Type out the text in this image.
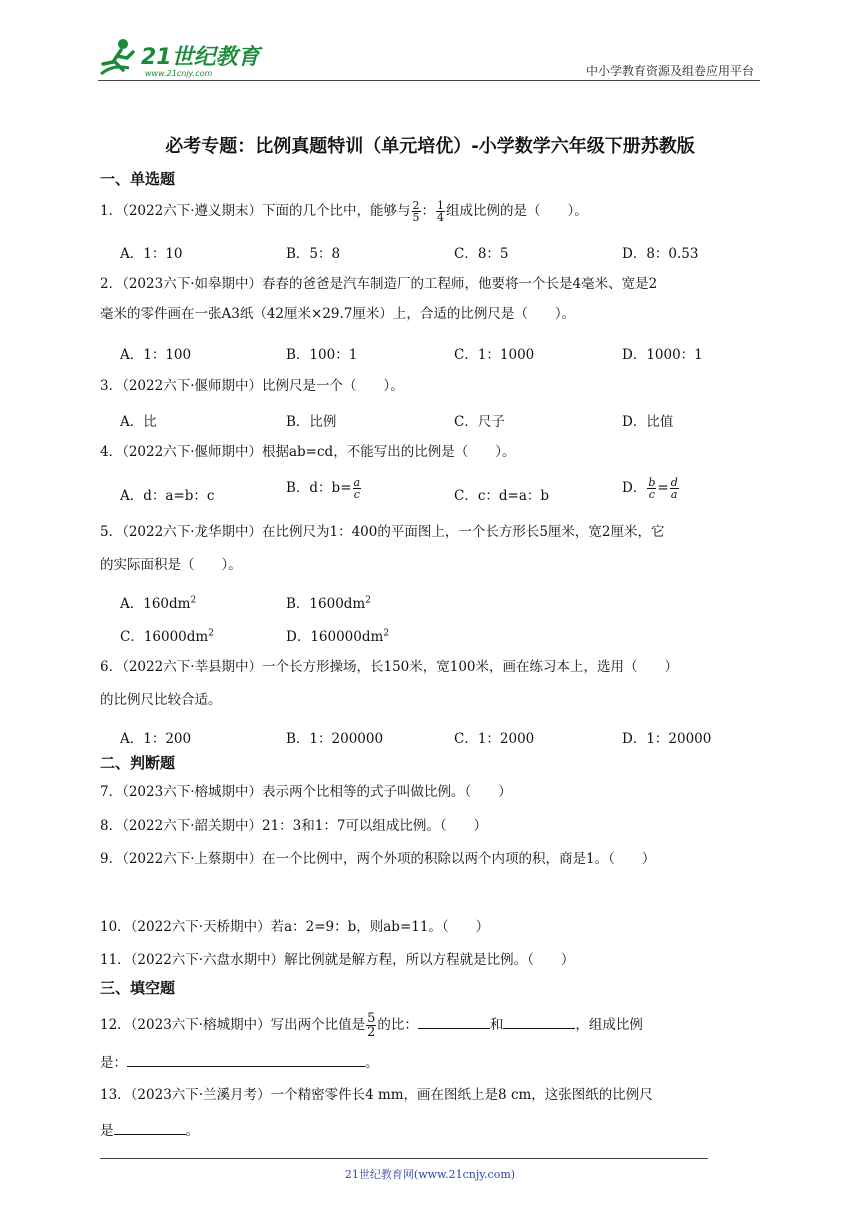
21世纪教育
www.21cnjy.com	中小学教育资源及组卷应用平台
必考专题：比例真题特训（单元培优）-小学数学六年级下册苏教版
一、单选题
1．（2022六下·遵义期末）下面的几个比中，能够与 $\frac{2}{5}$ ： $\frac{1}{4}$ 组成比例的是（　　）。
A．1：10	B．5：8	C．8：5	D．8：0.53
2．（2023六下·如皋期中）春春的爸爸是汽车制造厂的工程师，他要将一个长是4毫米、宽是2
毫米的零件画在一张A3纸（42厘米×29.7厘米）上，合适的比例尺是（　　）。
A．1：100	B．100：1	C．1：1000	D．1000：1
3．（2022六下·偃师期中）比例尺是一个（　　）。
A．比	B．比例	C．尺子	D．比值
4．（2022六下·偃师期中）根据ab=cd，不能写出的比例是（　　）。
A．d：a=b：c	B．d：$b= \frac{a}{c}$	C．c：d=a：b	D． $\frac{b}{c} = \frac{d}{a}$
5．（2022六下·龙华期中）在比例尺为1：400的平面图上，一个长方形长5厘米，宽2厘米，它
的实际面积是（　　）。
A．$160dm^2$	B．$1600dm^2$
C．$16000dm^2$	D．$160000dm^2$
6．（2022六下·莘县期中）一个长方形操场，长150米，宽100米，画在练习本上，选用（　　）
的比例尺比较合适。
A．1：200	B．1：200000	C．1：2000	D．1：20000
二、判断题
7．（2023六下·榕城期中）表示两个比相等的式子叫做比例。（　　）
8．（2022六下·韶关期中）21：3和1：7可以组成比例。（　　）
9．（2022六下·上蔡期中）在一个比例中，两个外项的积除以两个内项的积，商是1。（　　）
10．（2022六下·天桥期中）若a：2=9：b，则ab=11。（　　）
11．（2022六下·六盘水期中）解比例就是解方程，所以方程就是比例。（　　）
三、填空题
12．（2023六下·榕城期中）写出两个比值是 $\frac{5}{2}$ 的比：	和	，组成比例
是：	。
13．（2023六下·兰溪月考）一个精密零件长4 mm，画在图纸上是8 cm，这张图纸的比例尺
是	。
21世纪教育网(www.21cnjy.com)
